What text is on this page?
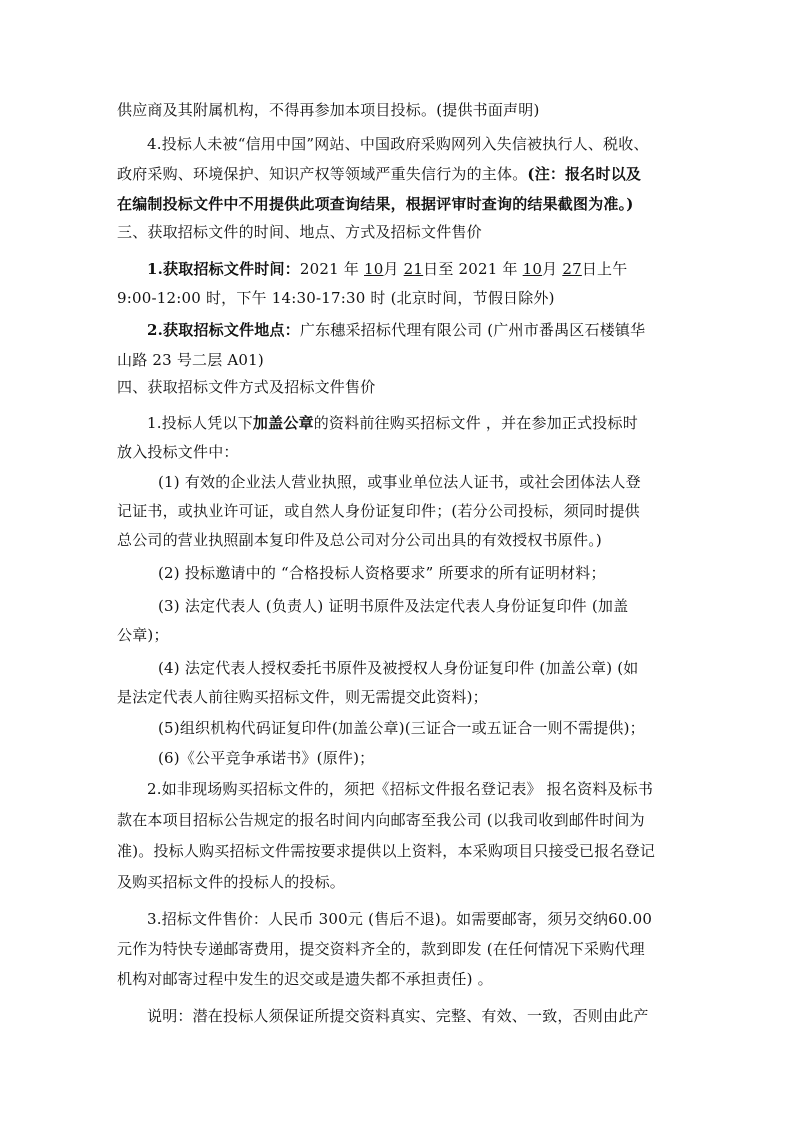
供应商及其附属机构，不得再参加本项目投标。(提供书面声明)
4.投标人未被“信用中国”网站、中国政府采购网列入失信被执行人、税收、
政府采购、环境保护、知识产权等领域严重失信行为的主体。(注：报名时以及
在编制投标文件中不用提供此项查询结果，根据评审时查询的结果截图为准。)
三、获取招标文件的时间、地点、方式及招标文件售价
1.获取招标文件时间：2021 年 10月 21日至 2021 年 10月 27日上午
9:00-12:00 时，下午 14:30-17:30 时 (北京时间，节假日除外)
2.获取招标文件地点：广东穗采招标代理有限公司 (广州市番禺区石楼镇华
山路 23 号二层 A01)
四、获取招标文件方式及招标文件售价
1.投标人凭以下加盖公章的资料前往购买招标文件 ，并在参加正式投标时
放入投标文件中：
(1) 有效的企业法人营业执照，或事业单位法人证书，或社会团体法人登
记证书，或执业许可证，或自然人身份证复印件；(若分公司投标，须同时提供
总公司的营业执照副本复印件及总公司对分公司出具的有效授权书原件。)
(2) 投标邀请中的 “合格投标人资格要求” 所要求的所有证明材料；
(3) 法定代表人 (负责人) 证明书原件及法定代表人身份证复印件 (加盖
公章)；
(4) 法定代表人授权委托书原件及被授权人身份证复印件 (加盖公章) (如
是法定代表人前往购买招标文件，则无需提交此资料)；
(5)组织机构代码证复印件(加盖公章)(三证合一或五证合一则不需提供)；
(6)《公平竞争承诺书》(原件)；
2.如非现场购买招标文件的，须把《招标文件报名登记表》 报名资料及标书
款在本项目招标公告规定的报名时间内向邮寄至我公司 (以我司收到邮件时间为
准)。投标人购买招标文件需按要求提供以上资料，本采购项目只接受已报名登记
及购买招标文件的投标人的投标。
3.招标文件售价：人民币 300元 (售后不退)。如需要邮寄，须另交纳60.00
元作为特快专递邮寄费用，提交资料齐全的，款到即发 (在任何情况下采购代理
机构对邮寄过程中发生的迟交或是遗失都不承担责任) 。
说明：潜在投标人须保证所提交资料真实、完整、有效、一致，否则由此产
